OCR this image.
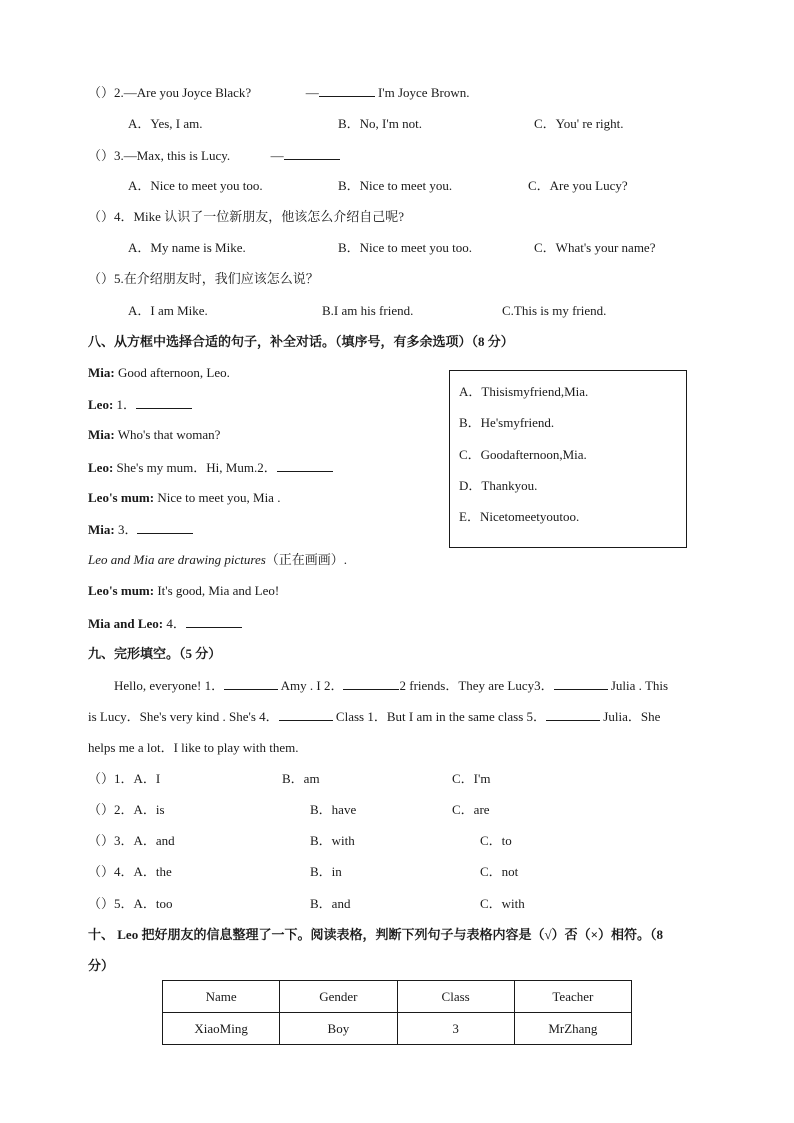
（）2.—Are you Joyce Black?	—	I'm Joyce Brown.
A．Yes, I am.	B．No, I'm not.	C．You' re right.
（）3.—Max, this is Lucy.	—
A．Nice to meet you too.	B．Nice to meet you.	C．Are you Lucy?
（）4．Mike 认识了一位新朋友，他该怎么介绍自己呢?
A．My name is Mike.	B．Nice to meet you too.	C．What's your name?
（）5.在介绍朋友时，我们应该怎么说？
A．I am Mike.	B.I am his friend.	C.This is my friend.
八、从方框中选择合适的句子，补全对话。（填序号，有多余选项）（8 分）
Mia: Good afternoon, Leo.
Leo: 1．
Mia: Who's that woman?
Leo: She's my mum．Hi, Mum.2．
Leo's mum: Nice to meet you, Mia .
Mia: 3．
Leo and Mia are drawing pictures（正在画画）.
Leo's mum: It's good, Mia and Leo!
Mia and Leo: 4．
A．Thisismyfriend,Mia.
B．He'smyfriend.
C．Goodafternoon,Mia.
D．Thankyou.
E．Nicetomeetyoutoo.
九、完形填空。（5 分）
Hello, everyone! 1．	Amy . I 2．	2 friends．They are Lucy3．	Julia . This
is Lucy．She's very kind . She's 4．	Class 1．But I am in the same class 5．	Julia．She
helps me a lot．I like to play with them.
（）1．A．I	B．am	C．I'm
（）2．A．is	B．have	C．are
（）3．A．and	B．with	C．to
（）4．A．the	B．in	C．not
（）5．A．too	B．and	C．with
十、 Leo 把好朋友的信息整理了一下。阅读表格，判断下列句子与表格内容是（√）否（×）相符。（8
分）
Name	Gender	Class	Teacher
XiaoMing	Boy	3	MrZhang
